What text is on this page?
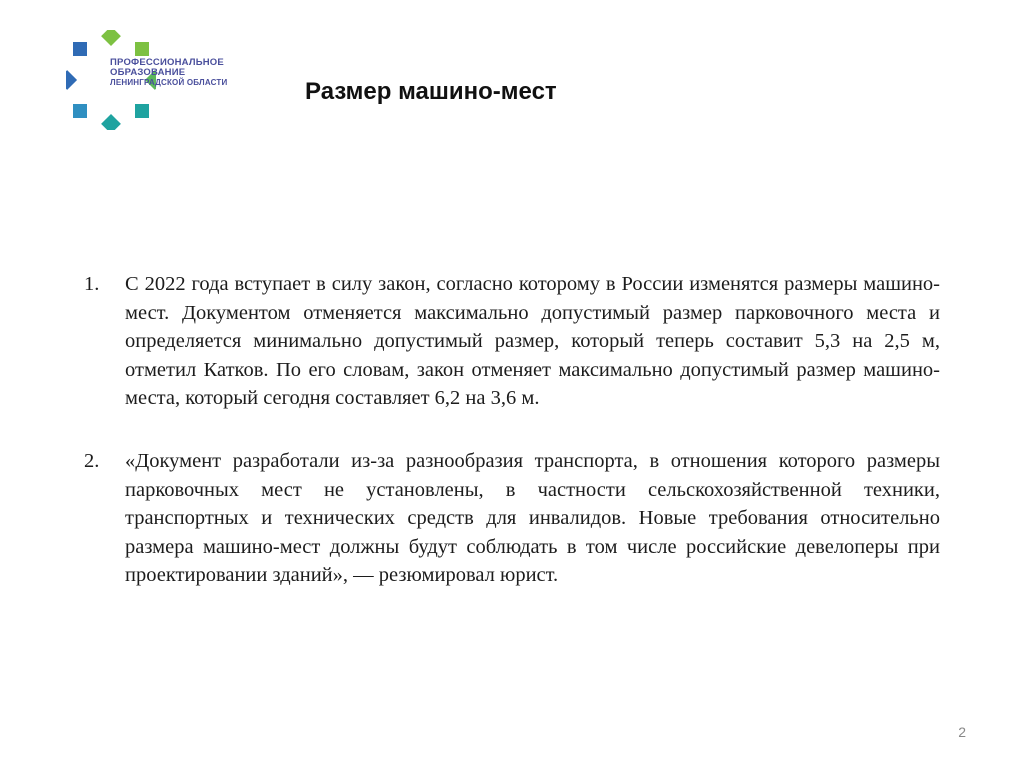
ПРОФЕССИОНАЛЬНОЕ
ОБРАЗОВАНИЕ
ЛЕНИНГРАДСКОЙ ОБЛАСТИ	Размер машино-мест
1. С 2022 года вступает в силу закон, согласно которому в России изменятся размеры машино-мест. Документом отменяется максимально допустимый размер парковочного места и определяется минимально допустимый размер, который теперь составит 5,3 на 2,5 м, отметил Катков. По его словам, закон отменяет максимально допустимый размер машино-места, который сегодня составляет 6,2 на 3,6 м.
2. «Документ разработали из-за разнообразия транспорта, в отношения которого размеры парковочных мест не установлены, в частности сельскохозяйственной техники, транспортных и технических средств для инвалидов. Новые требования относительно размера машино-мест должны будут соблюдать в том числе российские девелоперы при проектировании зданий», — резюмировал юрист.
2
